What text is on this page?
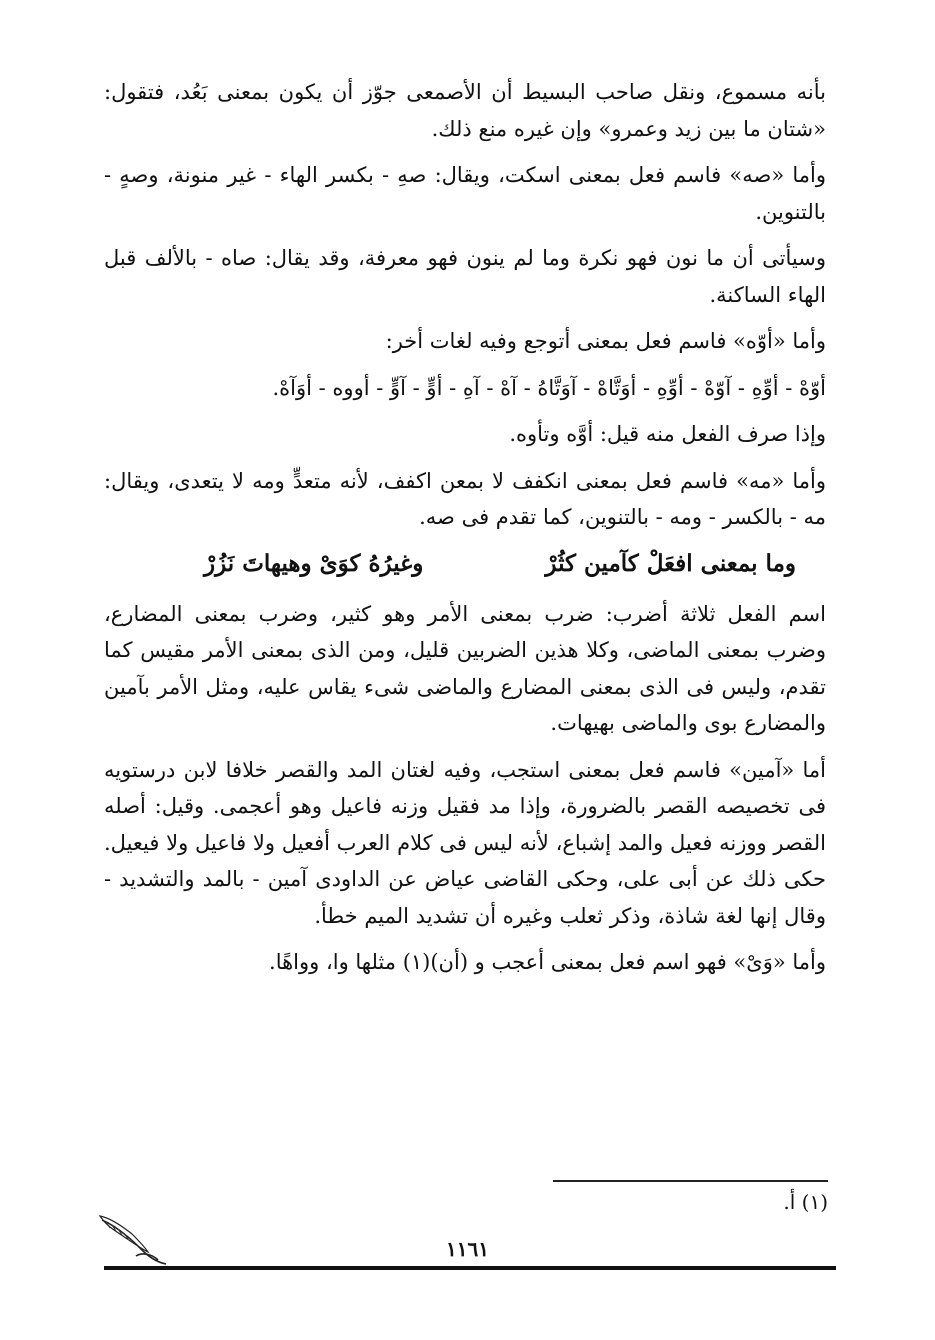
بأنه مسموع، ونقل صاحب البسيط أن الأصمعى جوّز أن يكون بمعنى بَعُد، فتقول: «شتان ما بين زيد وعمرو» وإن غيره منع ذلك.

وأما «صه» فاسم فعل بمعنى اسكت، ويقال: صهِ - بكسر الهاء - غير منونة، وصهٍ - بالتنوين.

وسيأتى أن ما نون فهو نكرة وما لم ينون فهو معرفة، وقد يقال: صاه - بالألف قبل الهاء الساكنة.

وأما «أوّه» فاسم فعل بمعنى أتوجع وفيه لغات أخر:

أوّهْ - أوِّهِ - آوّهْ - أوِّهِ - أوَتَّاهْ - آوَتَّاهُ - آهْ - آهِ - أوٍّ - آوٍّ - أووه - أوَآهْ.

وإذا صرف الفعل منه قيل: أوَّه وتأوه.

وأما «مه» فاسم فعل بمعنى انكفف لا بمعن اكفف، لأنه متعدٍّ ومه لا يتعدى، ويقال: مه - بالكسر - ومه - بالتنوين، كما تقدم فى صه.

وما بمعنى افعَلْ كآمين كثُرْ
وغيرُهُ كوَىْ وهيهاتَ نَزُرْ

اسم الفعل ثلاثة أضرب: ضرب بمعنى الأمر وهو كثير، وضرب بمعنى المضارع، وضرب بمعنى الماضى، وكلا هذين الضربين قليل، ومن الذى بمعنى الأمر مقيس كما تقدم، وليس فى الذى بمعنى المضارع والماضى شىء يقاس عليه، ومثل الأمر بآمين والمضارع بوى والماضى بهيهات.

أما «آمين» فاسم فعل بمعنى استجب، وفيه لغتان المد والقصر خلافا لابن درستويه فى تخصيصه القصر بالضرورة، وإذا مد فقيل وزنه فاعيل وهو أعجمى. وقيل: أصله القصر ووزنه فعيل والمد إشباع، لأنه ليس فى كلام العرب أفعيل ولا فاعيل ولا فيعيل. حكى ذلك عن أبى على، وحكى القاضى عياض عن الداودى آمين - بالمد والتشديد - وقال إنها لغة شاذة، وذكر ثعلب وغيره أن تشديد الميم خطأ.

وأما «وَىْ» فهو اسم فعل بمعنى أعجب و (أن)(١) مثلها وا، وواهًا.

(١) أ.
١١٦١
